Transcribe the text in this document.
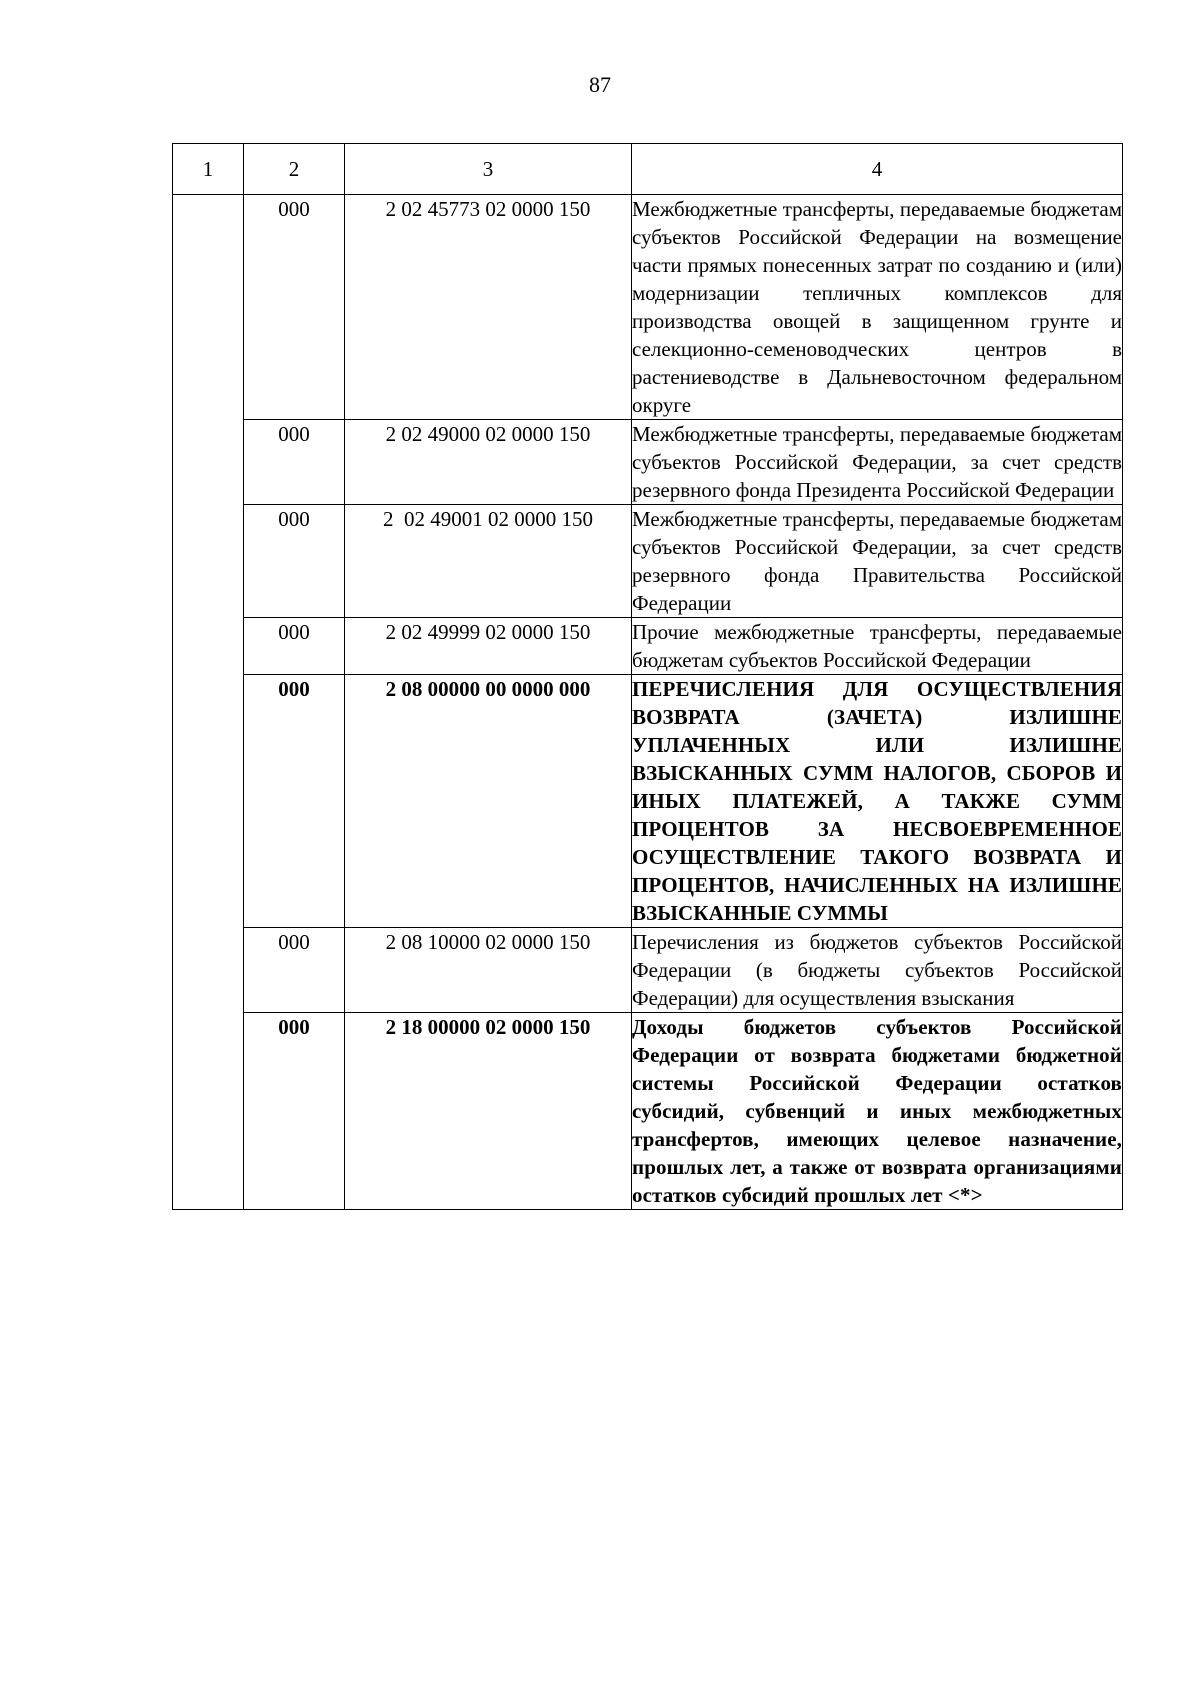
87
1	2	3	4
	000	2 02 45773 02 0000 150	Межбюджетные трансферты, передаваемые бюджетам субъектов Российской Федерации на возмещение части прямых понесенных затрат по созданию и (или) модернизации тепличных комплексов для производства овощей в защищенном грунте и селекционно-семеноводческих центров в растениеводстве в Дальневосточном федеральном округе
	000	2 02 49000 02 0000 150	Межбюджетные трансферты, передаваемые бюджетам субъектов Российской Федерации, за счет средств резервного фонда Президента Российской Федерации
	000	2  02 49001 02 0000 150	Межбюджетные трансферты, передаваемые бюджетам субъектов Российской Федерации, за счет средств резервного фонда Правительства Российской Федерации
	000	2 02 49999 02 0000 150	Прочие межбюджетные трансферты, передаваемые бюджетам субъектов Российской Федерации
	000	2 08 00000 00 0000 000	ПЕРЕЧИСЛЕНИЯ ДЛЯ ОСУЩЕСТВЛЕНИЯ ВОЗВРАТА (ЗАЧЕТА) ИЗЛИШНЕ УПЛАЧЕННЫХ ИЛИ ИЗЛИШНЕ ВЗЫСКАННЫХ СУММ НАЛОГОВ, СБОРОВ И ИНЫХ ПЛАТЕЖЕЙ, А ТАКЖЕ СУММ ПРОЦЕНТОВ ЗА НЕСВОЕВРЕМЕННОЕ ОСУЩЕСТВЛЕНИЕ ТАКОГО ВОЗВРАТА И ПРОЦЕНТОВ, НАЧИСЛЕННЫХ НА ИЗЛИШНЕ ВЗЫСКАННЫЕ СУММЫ
	000	2 08 10000 02 0000 150	Перечисления из бюджетов субъектов Российской Федерации (в бюджеты субъектов Российской Федерации) для осуществления взыскания
	000	2 18 00000 02 0000 150	Доходы бюджетов субъектов Российской Федерации от возврата бюджетами бюджетной системы Российской Федерации остатков субсидий, субвенций и иных межбюджетных трансфертов, имеющих целевое назначение, прошлых лет, а также от возврата организациями остатков субсидий прошлых лет <*>
